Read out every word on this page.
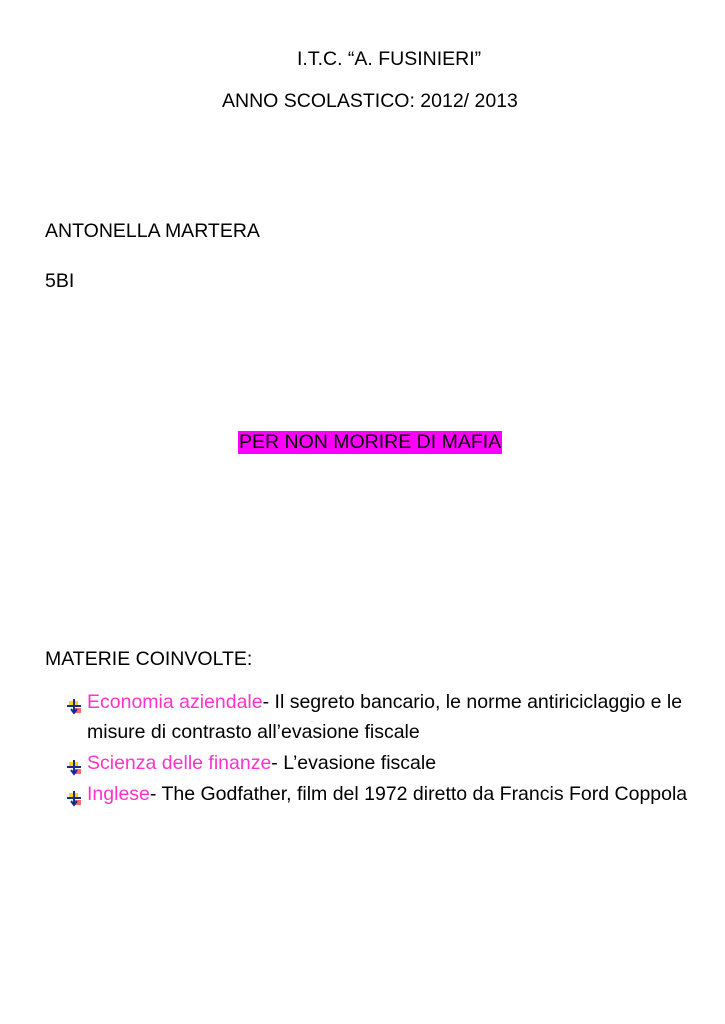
I.T.C. “A. FUSINIERI”
ANNO SCOLASTICO: 2012/ 2013
ANTONELLA MARTERA
5BI
PER NON MORIRE DI MAFIA
MATERIE COINVOLTE:
Economia aziendale- Il segreto bancario, le norme antiriciclaggio e le misure di contrasto all’evasione fiscale
Scienza delle finanze- L’evasione fiscale
Inglese- The Godfather, film del 1972 diretto da Francis Ford Coppola
